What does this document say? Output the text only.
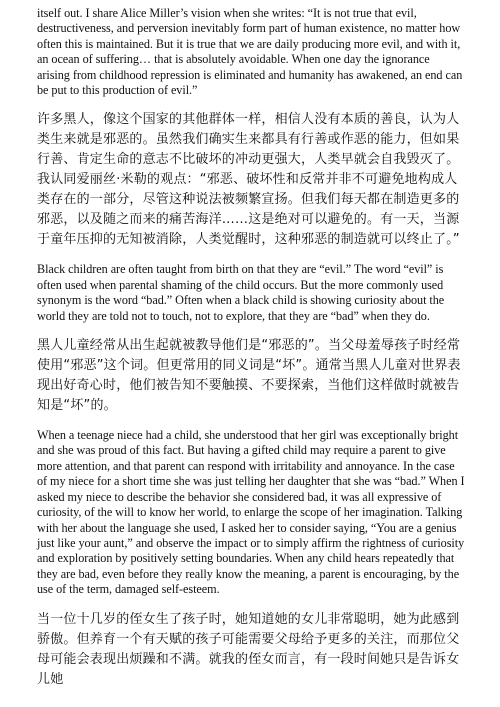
itself out. I share Alice Miller’s vision when she writes: “It is not true that evil, destructiveness, and perversion inevitably form part of human existence, no matter how often this is maintained. But it is true that we are daily producing more evil, and with it, an ocean of suffering… that is absolutely avoidable. When one day the ignorance arising from childhood repression is eliminated and humanity has awakened, an end can be put to this production of evil.”

许多黑人，像这个国家的其他群体一样，相信人没有本质的善良，认为人类生来就是邪恶的。虽然我们确实生来都具有行善或作恶的能力，但如果行善、肯定生命的意志不比破坏的冲动更强大，人类早就会自我毁灭了。我认同爱丽丝·米勒的观点：“邪恶、破坏性和反常并非不可避免地构成人类存在的一部分，尽管这种说法被频繁宣扬。但我们每天都在制造更多的邪恶，以及随之而来的痛苦海洋……这是绝对可以避免的。有一天，当源于童年压抑的无知被消除，人类觉醒时，这种邪恶的制造就可以终止了。”

Black children are often taught from birth on that they are “evil.” The word “evil” is often used when parental shaming of the child occurs. But the more commonly used synonym is the word “bad.” Often when a black child is showing curiosity about the world they are told not to touch, not to explore, that they are “bad” when they do.

黑人儿童经常从出生起就被教导他们是“邪恶的”。当父母羞辱孩子时经常使用“邪恶”这个词。但更常用的同义词是“坏”。通常当黑人儿童对世界表现出好奇心时，他们被告知不要触摸、不要探索，当他们这样做时就被告知是“坏”的。

When a teenage niece had a child, she understood that her girl was exceptionally bright and she was proud of this fact. But having a gifted child may require a parent to give more attention, and that parent can respond with irritability and annoyance. In the case of my niece for a short time she was just telling her daughter that she was “bad.” When I asked my niece to describe the behavior she considered bad, it was all expressive of curiosity, of the will to know her world, to enlarge the scope of her imagination. Talking with her about the language she used, I asked her to consider saying, “You are a genius just like your aunt,” and observe the impact or to simply affirm the rightness of curiosity and exploration by positively setting boundaries. When any child hears repeatedly that they are bad, even before they really know the meaning, a parent is encouraging, by the use of the term, damaged self-esteem.

当一位十几岁的侄女生了孩子时，她知道她的女儿非常聪明，她为此感到骄傲。但养育一个有天赋的孩子可能需要父母给予更多的关注，而那位父母可能会表现出烦躁和不满。就我的侄女而言，有一段时间她只是告诉女儿她
